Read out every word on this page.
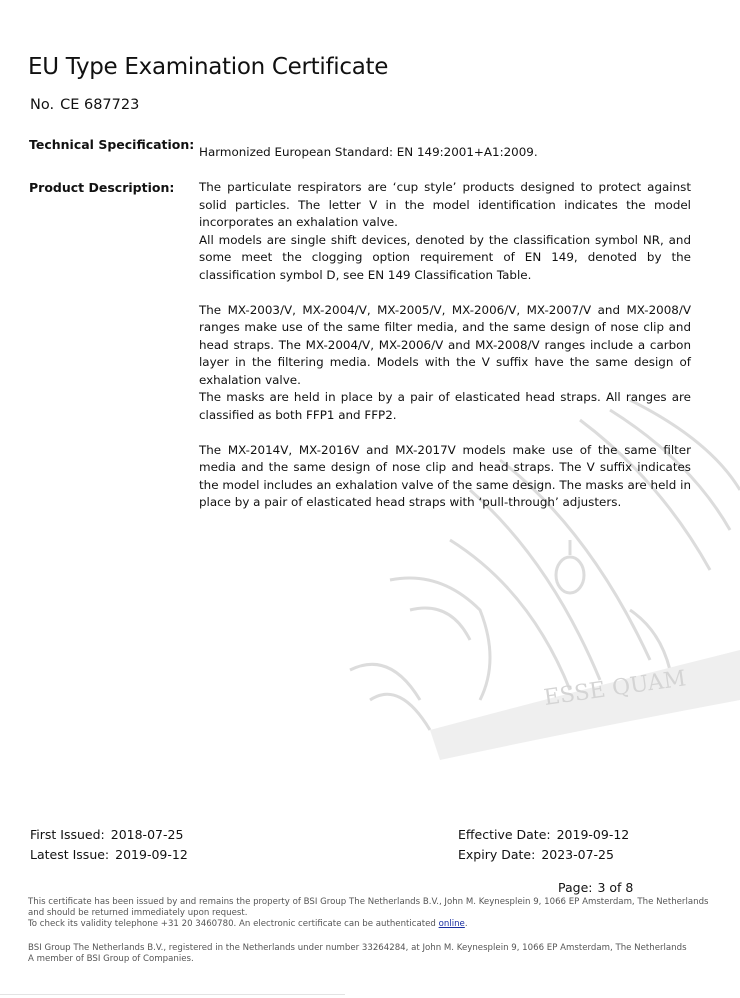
ESSE QUAM
EU Type Examination Certificate
No. CE 687723
Technical Specification: Harmonized European Standard: EN 149:2001+A1:2009.
Product Description: The particulate respirators are ‘cup style’ products designed to protect against solid particles. The letter V in the model identification indicates the model incorporates an exhalation valve.

All models are single shift devices, denoted by the classification symbol NR, and some meet the clogging option requirement of EN 149, denoted by the classification symbol D, see EN 149 Classification Table.

The MX-2003/V, MX-2004/V, MX-2005/V, MX-2006/V, MX-2007/V and MX-2008/V ranges make use of the same filter media, and the same design of nose clip and head straps. The MX-2004/V, MX-2006/V and MX-2008/V ranges include a carbon layer in the filtering media. Models with the V suffix have the same design of exhalation valve.

The masks are held in place by a pair of elasticated head straps. All ranges are classified as both FFP1 and FFP2.

The MX-2014V, MX-2016V and MX-2017V models make use of the same filter media and the same design of nose clip and head straps. The V suffix indicates the model includes an exhalation valve of the same design. The masks are held in place by a pair of elasticated head straps with ‘pull-through’ adjusters.

First Issued: 2018-07-25
Latest Issue: 2019-09-12
Effective Date: 2019-09-12
Expiry Date: 2023-07-25
Page: 3 of 8

This certificate has been issued by and remains the property of BSI Group The Netherlands B.V., John M. Keynesplein 9, 1066 EP Amsterdam, The Netherlands and should be returned immediately upon request.

To check its validity telephone +31 20 3460780. An electronic certificate can be authenticated online.

BSI Group The Netherlands B.V., registered in the Netherlands under number 33264284, at John M. Keynesplein 9, 1066 EP Amsterdam, The Netherlands

A member of BSI Group of Companies.
